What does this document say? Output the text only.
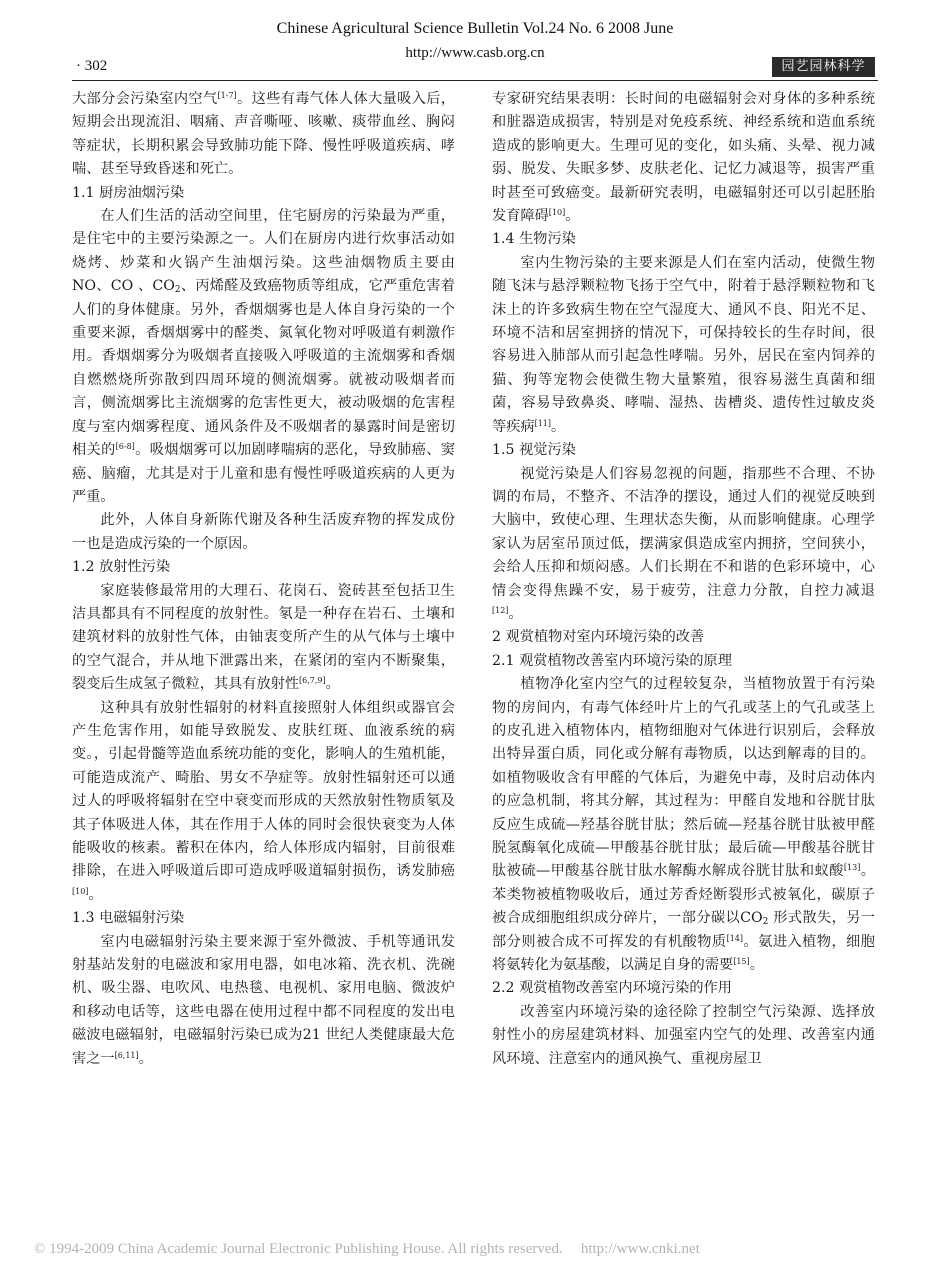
Chinese Agricultural Science Bulletin Vol.24 No. 6 2008 June
http://www.casb.org.cn
· 302	园艺园林科学

大部分会污染室内空气[1-7]。这些有毒气体人体大量吸入后，短期会出现流泪、咽痛、声音嘶哑、咳嗽、痰带血丝、胸闷等症状，长期积累会导致肺功能下降、慢性呼吸道疾病、哮喘、甚至导致昏迷和死亡。

1.1 厨房油烟污染

在人们生活的活动空间里，住宅厨房的污染最为严重，是住宅中的主要污染源之一。人们在厨房内进行炊事活动如烧烤、炒菜和火锅产生油烟污染。这些油烟物质主要由 NO、CO 、$CO_2$、丙烯醛及致癌物质等组成，它严重危害着人们的身体健康。另外，香烟烟雾也是人体自身污染的一个重要来源，香烟烟雾中的醛类、氮氧化物对呼吸道有刺激作用。香烟烟雾分为吸烟者直接吸入呼吸道的主流烟雾和香烟自燃燃烧所弥散到四周环境的侧流烟雾。就被动吸烟者而言，侧流烟雾比主流烟雾的危害性更大，被动吸烟的危害程度与室内烟雾程度、通风条件及不吸烟者的暴露时间是密切相关的[6-8]。吸烟烟雾可以加剧哮喘病的恶化，导致肺癌、窦癌、脑瘤，尤其是对于儿童和患有慢性呼吸道疾病的人更为严重。

此外，人体自身新陈代谢及各种生活废弃物的挥发成份一也是造成污染的一个原因。

1.2 放射性污染

家庭装修最常用的大理石、花岗石、瓷砖甚至包括卫生洁具都具有不同程度的放射性。氡是一种存在岩石、土壤和建筑材料的放射性气体，由铀衷变所产生的从气体与土壤中的空气混合，并从地下泄露出来，在紧闭的室内不断聚集，裂变后生成氢子微粒，其具有放射性[6,7,9]。

这种具有放射性辐射的材料直接照射人体组织或器官会产生危害作用，如能导致脱发、皮肤红斑、血液系统的病变。，引起骨髓等造血系统功能的变化，影响人的生殖机能，可能造成流产、畸胎、男女不孕症等。放射性辐射还可以通过人的呼吸将辐射在空中衰变而形成的天然放射性物质氡及其子体吸进人体，其在作用于人体的同时会很快衰变为人体能吸收的核素。蓄积在体内，给人体形成内辐射，目前很难排除，在进入呼吸道后即可造成呼吸道辐射损伤，诱发肺癌[10]。

1.3 电磁辐射污染

室内电磁辐射污染主要来源于室外微波、手机等通讯发射基站发射的电磁波和家用电器，如电冰箱、洗衣机、洗碗机、吸尘器、电吹风、电热毯、电视机、家用电脑、微波炉和移动电话等，这些电器在使用过程中都不同程度的发出电磁波电磁辐射，电磁辐射污染已成为21 世纪人类健康最大危害之一[6,11]。

专家研究结果表明：长时间的电磁辐射会对身体的多种系统和脏器造成损害，特别是对免疫系统、神经系统和造血系统造成的影响更大。生理可见的变化，如头痛、头晕、视力减弱、脱发、失眠多梦、皮肤老化、记忆力减退等，损害严重时甚至可致癌变。最新研究表明，电磁辐射还可以引起胚胎发育障碍[10]。

1.4 生物污染

室内生物污染的主要来源是人们在室内活动，使微生物随飞沫与悬浮颗粒物飞扬于空气中，附着于悬浮颗粒物和飞沫上的许多致病生物在空气湿度大、通风不良、阳光不足、环境不洁和居室拥挤的情况下，可保持较长的生存时间，很容易进入肺部从而引起急性哮喘。另外，居民在室内饲养的猫、狗等宠物会使微生物大量繁殖，很容易滋生真菌和细菌，容易导致鼻炎、哮喘、湿热、齿槽炎、遗传性过敏皮炎等疾病[11]。

1.5 视觉污染

视觉污染是人们容易忽视的问题，指那些不合理、不协调的布局，不整齐、不洁净的摆设，通过人们的视觉反映到大脑中，致使心理、生理状态失衡，从而影响健康。心理学家认为居室吊顶过低，摆满家俱造成室内拥挤，空间狭小，会给人压抑和烦闷感。人们长期在不和谐的色彩环境中，心情会变得焦躁不安，易于疲劳，注意力分散，自控力减退[12]。

2 观赏植物对室内环境污染的改善
2.1 观赏植物改善室内环境污染的原理

植物净化室内空气的过程较复杂，当植物放置于有污染物的房间内，有毒气体经叶片上的气孔或茎上的气孔或茎上的皮孔进入植物体内，植物细胞对气体进行识别后，会释放出特异蛋白质，同化或分解有毒物质，以达到解毒的目的。如植物吸收含有甲醛的气体后，为避免中毒，及时启动体内的应急机制，将其分解，其过程为：甲醛自发地和谷胱甘肽反应生成硫—羟基谷胱甘肽；然后硫—羟基谷胱甘肽被甲醛脱氢酶氧化成硫—甲酸基谷胱甘肽；最后硫—甲酸基谷胱甘肽被硫—甲酸基谷胱甘肽水解酶水解成谷胱甘肽和蚁酸[13]。苯类物被植物吸收后，通过芳香烃断裂形式被氧化，碳原子被合成细胞组织成分碎片，一部分碳以$CO_2$ 形式散失，另一部分则被合成不可挥发的有机酸物质[14]。氨进入植物，细胞将氨转化为氨基酸，以满足自身的需要[15]。

2.2 观赏植物改善室内环境污染的作用

改善室内环境污染的途径除了控制空气污染源、选择放射性小的房屋建筑材料、加强室内空气的处理、改善室内通风环境、注意室内的通风换气、重视房屋卫

© 1994-2009 China Academic Journal Electronic Publishing House. All rights reserved. http://www.cnki.net
